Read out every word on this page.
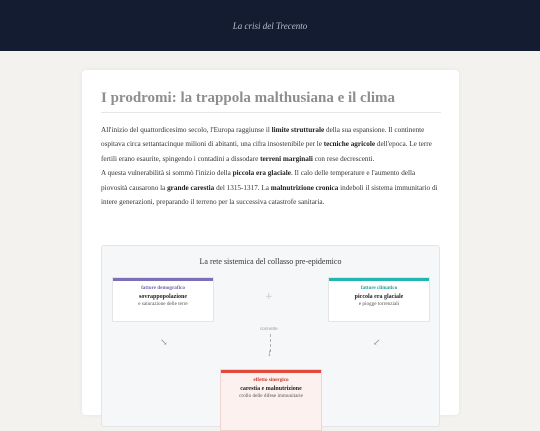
La crisi del Trecento
I prodromi: la trappola malthusiana e il clima

All'inizio del quattordicesimo secolo, l'Europa raggiunse il limite strutturale della sua espansione. Il continente ospitava circa settantacinque milioni di abitanti, una cifra insostenibile per le tecniche agricole dell'epoca. Le terre fertili erano esaurite, spingendo i contadini a dissodare terreni marginali con rese decrescenti.

A questa vulnerabilità si sommò l'inizio della piccola era glaciale. Il calo delle temperature e l'aumento della piovosità causarono la grande carestia del 1315-1317. La malnutrizione cronica indebolì il sistema immunitario di intere generazioni, preparando il terreno per la successiva catastrofe sanitaria.

La rete sistemica del collasso pre-epidemico
fattore demografico
sovrappopolazione
e saturazione delle terre
+
fattore climatico
piccola era glaciale
e piogge torrenziali
connette
↓
↘	↙
effetto sinergico
carestia e malnutrizione
crollo delle difese immunitarie
